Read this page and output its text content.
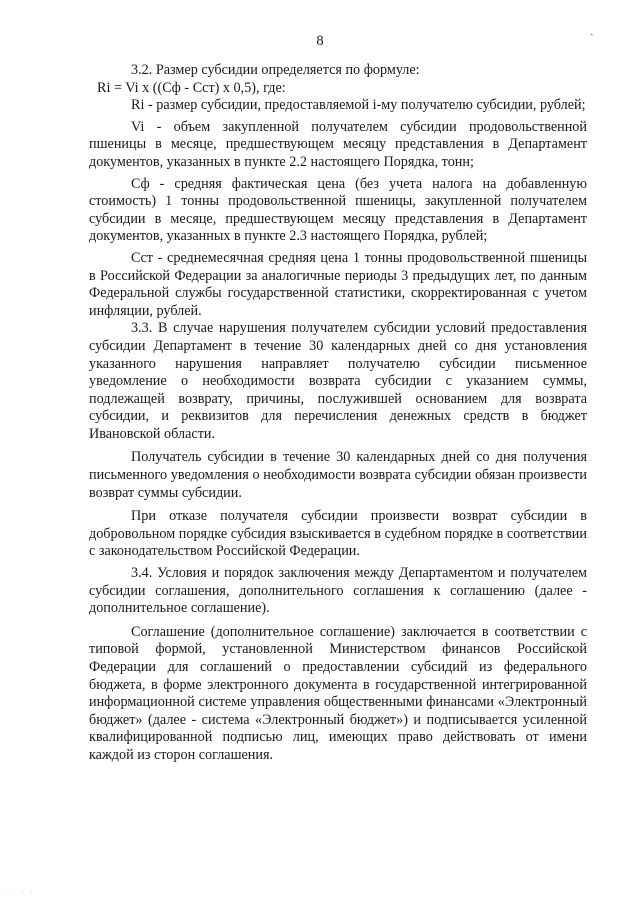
ˎ
8

3.2. Размер субсидии определяется по формуле:

Ri = Vi x ((Cф - Cст) x 0,5), где:

Ri - размер субсидии, предоставляемой i-му получателю субсидии, рублей;

Vi - объем закупленной получателем субсидии продовольственной пшеницы в месяце, предшествующем месяцу представления в Департамент документов, указанных в пункте 2.2 настоящего Порядка, тонн;

Cф - средняя фактическая цена (без учета налога на добавленную стоимость) 1 тонны продовольственной пшеницы, закупленной получателем субсидии в месяце, предшествующем месяцу представления в Департамент документов, указанных в пункте 2.3 настоящего Порядка, рублей;

Cст - среднемесячная средняя цена 1 тонны продовольственной пшеницы в Российской Федерации за аналогичные периоды 3 предыдущих лет, по данным Федеральной службы государственной статистики, скорректированная с учетом инфляции, рублей.

3.3. В случае нарушения получателем субсидии условий предоставления субсидии Департамент в течение 30 календарных дней со дня установления указанного нарушения направляет получателю субсидии письменное уведомление о необходимости возврата субсидии с указанием суммы, подлежащей возврату, причины, послужившей основанием для возврата субсидии, и реквизитов для перечисления денежных средств в бюджет Ивановской области.

Получатель субсидии в течение 30 календарных дней со дня получения письменного уведомления о необходимости возврата субсидии обязан произвести возврат суммы субсидии.

При отказе получателя субсидии произвести возврат субсидии в добровольном порядке субсидия взыскивается в судебном порядке в соответствии с законодательством Российской Федерации.

3.4. Условия и порядок заключения между Департаментом и получателем субсидии соглашения, дополнительного соглашения к соглашению (далее - дополнительное соглашение).

Соглашение (дополнительное соглашение) заключается в соответствии с типовой формой, установленной Министерством финансов Российской Федерации для соглашений о предоставлении субсидий из федерального бюджета, в форме электронного документа в государственной интегрированной информационной системе управления общественными финансами «Электронный бюджет» (далее - система «Электронный бюджет») и подписывается усиленной квалифицированной подписью лиц, имеющих право действовать от имени каждой из сторон соглашения.

. . . .
